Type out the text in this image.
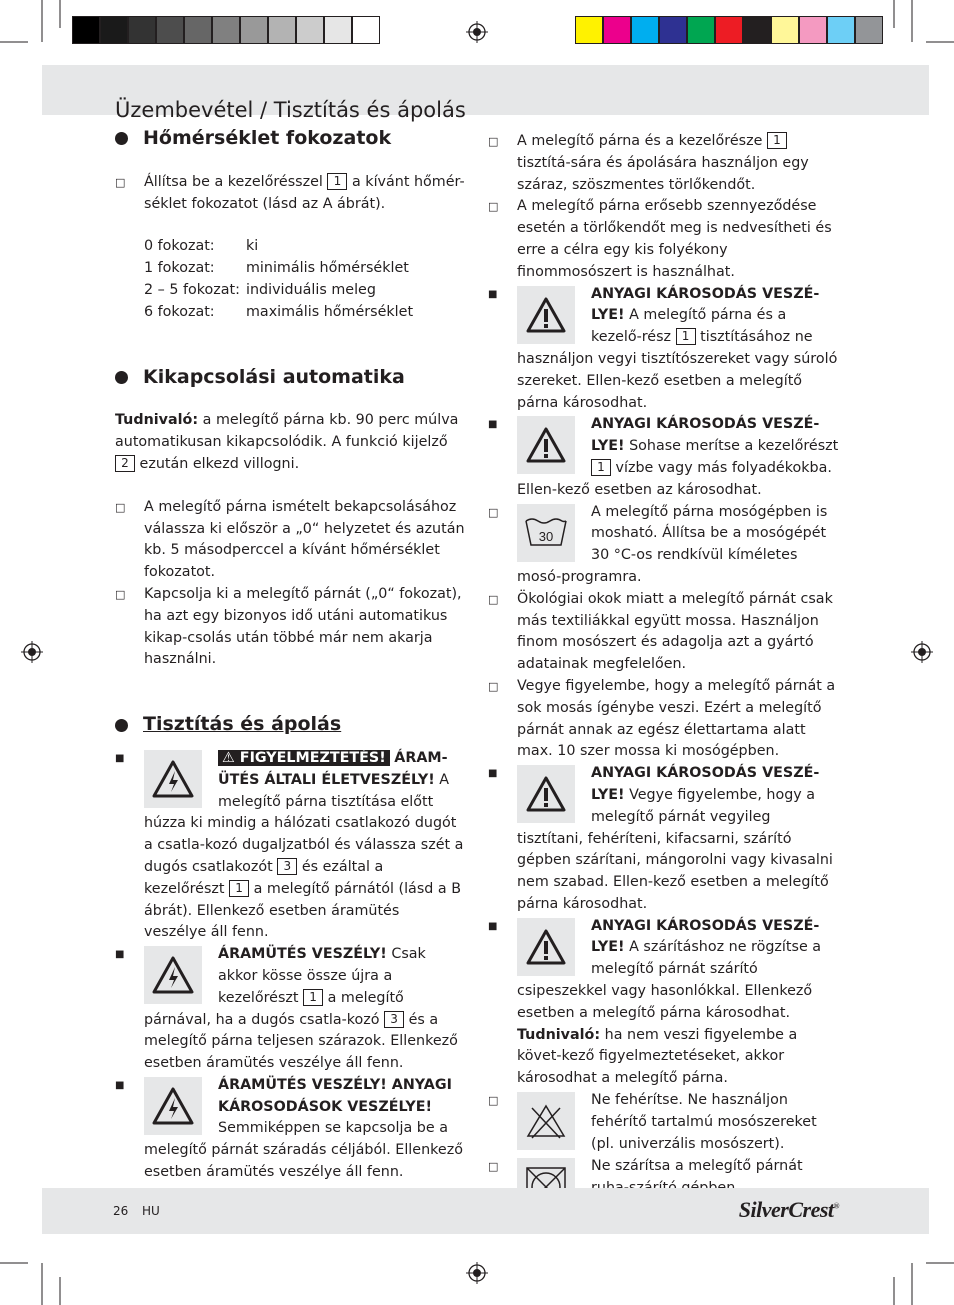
Üzembevétel / Tisztítás és ápolás
Hőmérséklet fokozatok

□ Állítsa be a kezelőrésszel 1 a kívánt hőmér-séklet fokozatot (lásd az A ábrát).

0 fokozat:	ki
1 fokozat:	minimális hőmérséklet
2 – 5 fokozat: individuális meleg
6 fokozat:	maximális hőmérséklet
Kikapcsolási automatika

Tudnivaló: a melegítő párna kb. 90 perc múlva automatikusan kikapcsolódik. A funkció kijelző 2 ezután elkezd villogni.

□ A melegítő párna ismételt bekapcsolásához válassza ki először a „0“ helyzetet és azután kb. 5 másodperccel a kívánt hőmérséklet fokozatot.

□ Kapcsolja ki a melegítő párnát („0“ fokozat), ha azt egy bizonyos idő utáni automatikus kikap-csolás után többé már nem akarja használni.

Tisztítás és ápolás
■	⚠ FIGYELMEZTETÉS! ÁRAM-ÜTÉS ÁLTALI ÉLETVESZÉLY! A melegítő párna tisztítása előtt húzza ki mindig a hálózati csatlakozó dugót a csatla-kozó dugaljzatból és válassza szét a dugós csatlakozót 3 és ezáltal a kezelőrészt 1 a melegítő párnától (lásd a B ábrát). Ellenkező esetben áramütés veszélye áll fenn.
■	ÁRAMÜTÉS VESZÉLY! Csak akkor kösse össze újra a kezelőrészt 1 a melegítő párnával, ha a dugós csatla-kozó 3 és a melegítő párna teljesen szárazok. Ellenkező esetben áramütés veszélye áll fenn.
■	ÁRAMÜTÉS VESZÉLY! ANYAGI KÁROSODÁSOK VESZÉLYE! Semmiképpen se kapcsolja be a melegítő párnát száradás céljából. Ellenkező esetben áramütés veszélye áll fenn.

□ A melegítő párna és a kezelőrésze 1 tisztítá-sára és ápolására használjon egy száraz, szöszmentes törlőkendőt.

□ A melegítő párna erősebb szennyeződése esetén a törlőkendőt meg is nedvesítheti és erre a célra egy kis folyékony finommosószert is használhat.

■	ANYAGI KÁROSODÁS VESZÉ-LYE! A melegítő párna és a kezelő-rész 1 tisztításához ne használjon vegyi tisztítószereket vagy súroló szereket. Ellen-kező esetben a melegítő párna károsodhat.
■	ANYAGI KÁROSODÁS VESZÉ-LYE! Sohase merítse a kezelőrészt 1 vízbe vagy más folyadékokba. Ellen-kező esetben az károsodhat.
□
30
A melegítő párna mosógépben is mosható. Állítsa be a mosógépét 30 °C-os rendkívül kíméletes mosó-programra.

□ Ökológiai okok miatt a melegítő párnát csak más textiliákkal együtt mossa. Használjon finom mosószert és adagolja azt a gyártó adatainak megfelelően.

□ Vegye figyelembe, hogy a melegítő párnát a sok mosás ígénybe veszi. Ezért a melegítő párnát annak az egész élettartama alatt max. 10 szer mossa ki mosógépben.

■	ANYAGI KÁROSODÁS VESZÉ-LYE! Vegye figyelembe, hogy a melegítő párnát vegyileg tisztítani, fehéríteni, kifacsarni, szárító gépben szárítani, mángorolni vagy kivasalni nem szabad. Ellen-kező esetben a melegítő párna károsodhat.
■	ANYAGI KÁROSODÁS VESZÉ-LYE! A szárításhoz ne rögzítse a melegítő párnát szárító csipeszekkel vagy hasonlókkal. Ellenkező esetben a melegítő párna károsodhat.
Tudnivaló: ha nem veszi figyelembe a követ-kező figyelmeztetéseket, akkor károsodhat a melegítő párna.
□	Ne fehérítse. Ne használjon fehérítő tartalmú mosószereket (pl. univerzális mosószert).
□	Ne szárítsa a melegítő párnát
26 HU	SilverCrest®
